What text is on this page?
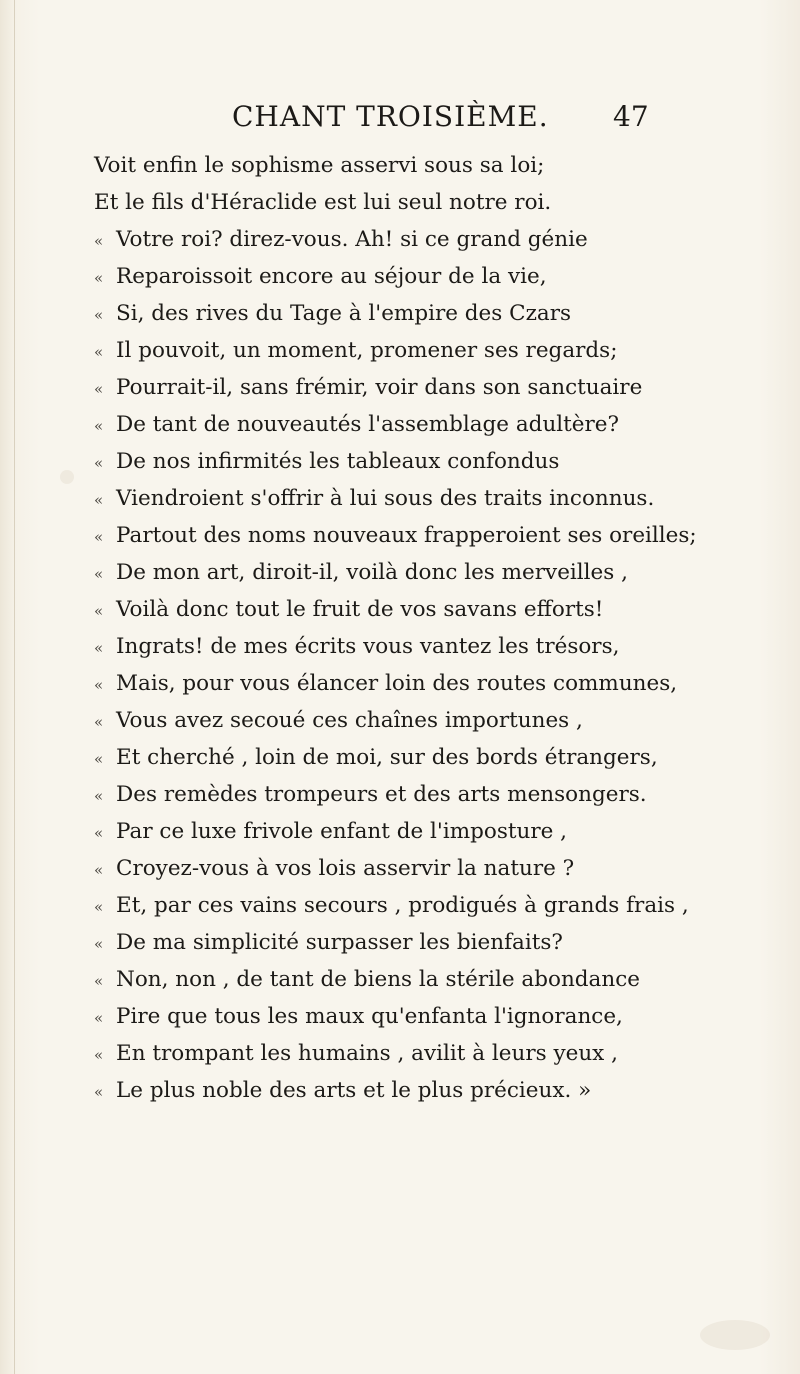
CHANT TROISIÈME. 47
Voit enfin le sophisme asservi sous sa loi;
Et le fils d'Héraclide est lui seul notre roi.
« Votre roi? direz-vous. Ah! si ce grand génie
« Reparoissoit encore au séjour de la vie,
« Si, des rives du Tage à l'empire des Czars
« Il pouvoit, un moment, promener ses regards;
« Pourrait-il, sans frémir, voir dans son sanctuaire
« De tant de nouveautés l'assemblage adultère?
« De nos infirmités les tableaux confondus
« Viendroient s'offrir à lui sous des traits inconnus.
« Partout des noms nouveaux frapperoient ses oreilles;
« De mon art, diroit-il, voilà donc les merveilles ,
« Voilà donc tout le fruit de vos savans efforts!
« Ingrats! de mes écrits vous vantez les trésors,
« Mais, pour vous élancer loin des routes communes,
« Vous avez secoué ces chaînes importunes ,
« Et cherché , loin de moi, sur des bords étrangers,
« Des remèdes trompeurs et des arts mensongers.
« Par ce luxe frivole enfant de l'imposture ,
« Croyez-vous à vos lois asservir la nature ?
« Et, par ces vains secours , prodigués à grands frais ,
« De ma simplicité surpasser les bienfaits?
« Non, non , de tant de biens la stérile abondance
« Pire que tous les maux qu'enfanta l'ignorance,
« En trompant les humains , avilit à leurs yeux ,
« Le plus noble des arts et le plus précieux. »
